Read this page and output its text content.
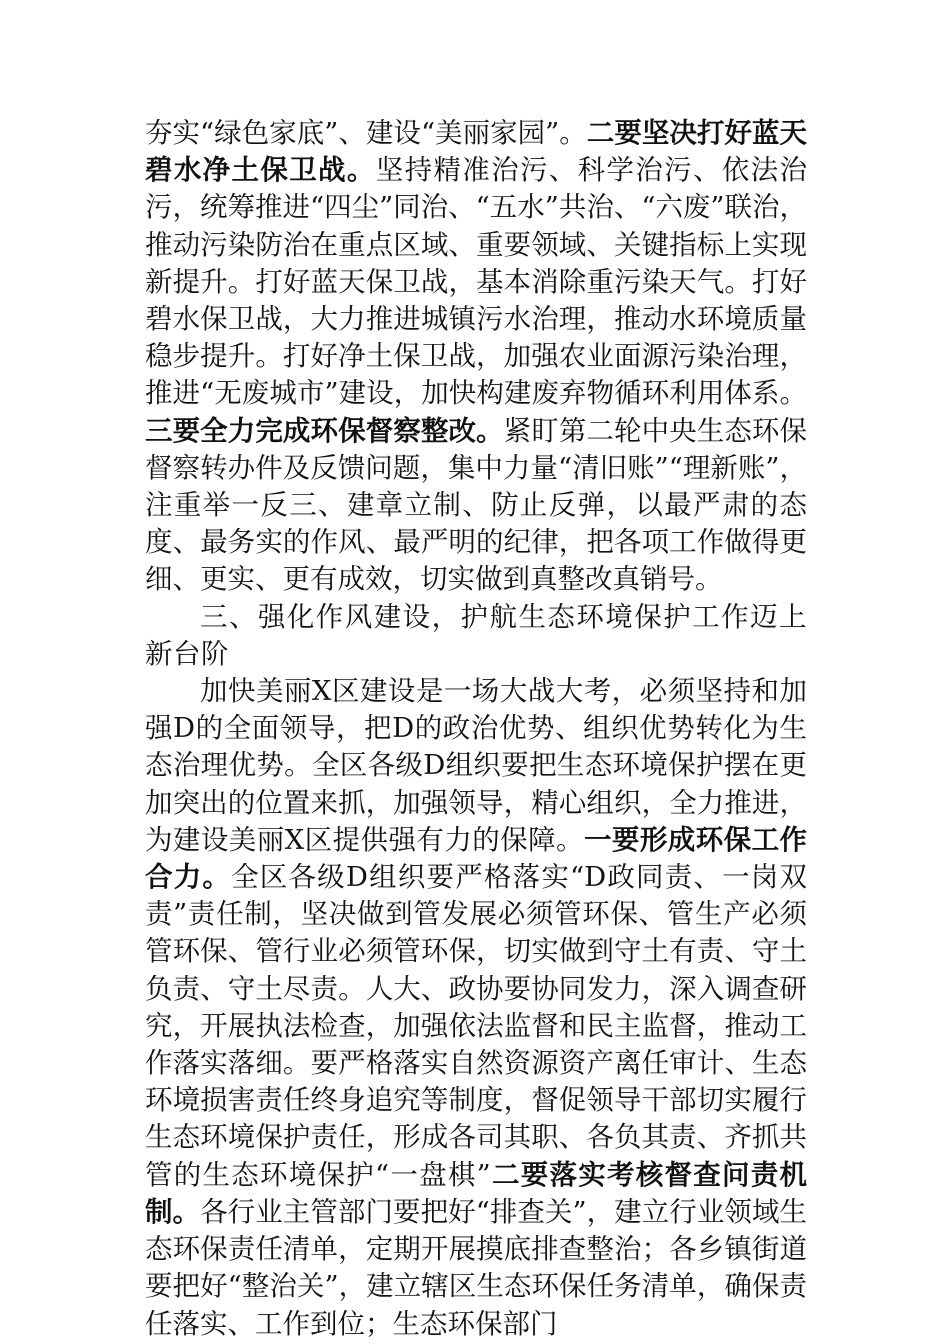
夯实“绿色家底”、建设“美丽家园”。二要坚决打好蓝天碧水净土保卫战。坚持精准治污、科学治污、依法治污，统筹推进“四尘”同治、“五水”共治、“六废”联治，推动污染防治在重点区域、重要领域、关键指标上实现新提升。打好蓝天保卫战，基本消除重污染天气。打好碧水保卫战，大力推进城镇污水治理，推动水环境质量稳步提升。打好净土保卫战，加强农业面源污染治理，推进“无废城市”建设，加快构建废弃物循环利用体系。三要全力完成环保督察整改。紧盯第二轮中央生态环保督察转办件及反馈问题，集中力量“清旧账”“理新账”，注重举一反三、建章立制、防止反弹，以最严肃的态度、最务实的作风、最严明的纪律，把各项工作做得更细、更实、更有成效，切实做到真整改真销号。

三、强化作风建设，护航生态环境保护工作迈上新台阶

加快美丽X区建设是一场大战大考，必须坚持和加强D的全面领导，把D的政治优势、组织优势转化为生态治理优势。全区各级D组织要把生态环境保护摆在更加突出的位置来抓，加强领导，精心组织，全力推进，为建设美丽X区提供强有力的保障。一要形成环保工作合力。全区各级D组织要严格落实“D政同责、一岗双责”责任制，坚决做到管发展必须管环保、管生产必须管环保、管行业必须管环保，切实做到守土有责、守土负责、守土尽责。人大、政协要协同发力，深入调查研究，开展执法检查，加强依法监督和民主监督，推动工作落实落细。要严格落实自然资源资产离任审计、生态环境损害责任终身追究等制度，督促领导干部切实履行生态环境保护责任，形成各司其职、各负其责、齐抓共管的生态环境保护“一盘棋”二要落实考核督查问责机制。各行业主管部门要把好“排查关”，建立行业领域生态环保责任清单，定期开展摸底排查整治；各乡镇街道要把好“整治关”，建立辖区生态环保任务清单，确保责任落实、工作到位；生态环保部门
